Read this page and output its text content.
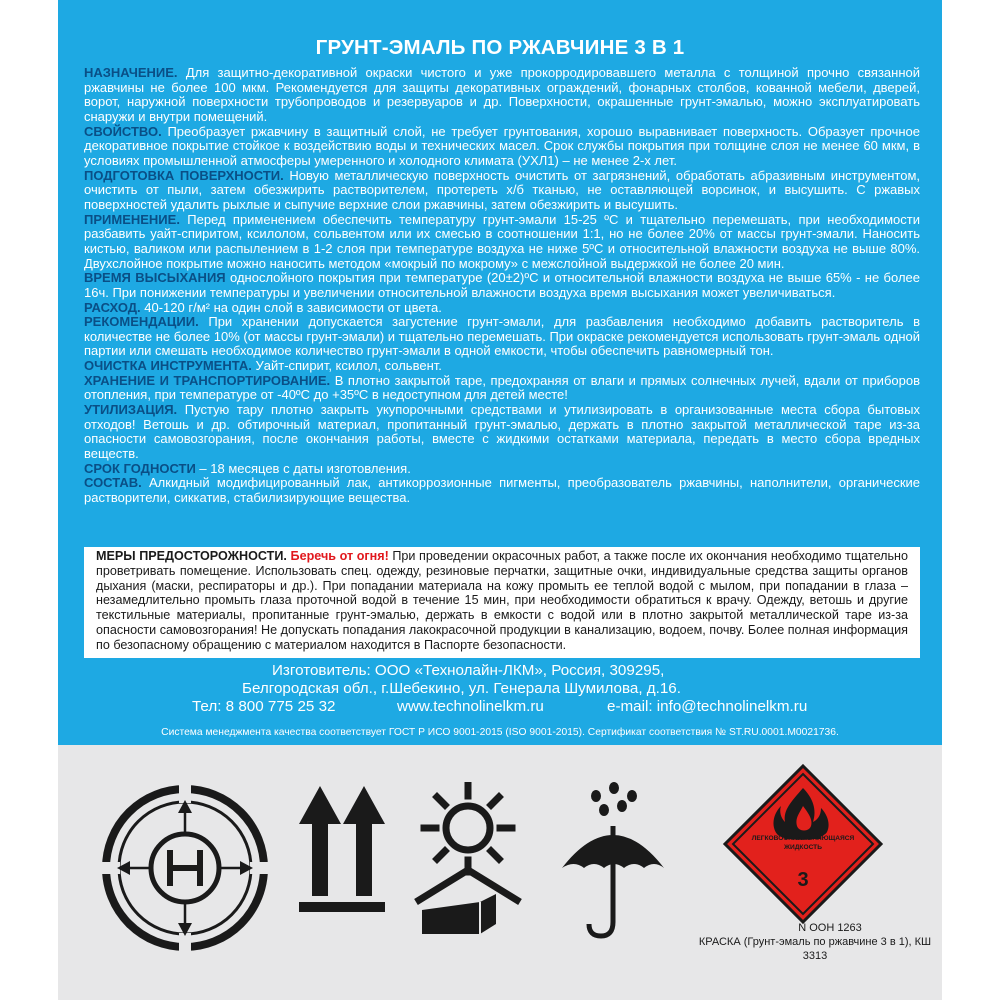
ГРУНТ-ЭМАЛЬ ПО РЖАВЧИНЕ 3 В 1
НАЗНАЧЕНИЕ. Для защитно-декоративной окраски чистого и уже прокорродировавшего металла с толщиной прочно связанной ржавчины не более 100 мкм. Рекомендуется для защиты декоративных ограждений, фонарных столбов, кованной мебели, дверей, ворот, наружной поверхности трубопроводов и резервуаров и др. Поверхности, окрашенные грунт-эмалью, можно эксплуатировать снаружи и внутри помещений.
СВОЙСТВО. Преобразует ржавчину в защитный слой, не требует грунтования, хорошо выравнивает поверхность. Образует прочное декоративное покрытие стойкое к воздействию воды и технических масел. Срок службы покрытия при толщине слоя не менее 60 мкм, в условиях промышленной атмосферы умеренного и холодного климата (УХЛ1) – не менее 2-х лет.
ПОДГОТОВКА ПОВЕРХНОСТИ. Новую металлическую поверхность очистить от загрязнений, обработать абразивным инструментом, очистить от пыли, затем обезжирить растворителем, протереть х/б тканью, не оставляющей ворсинок, и высушить. С ржавых поверхностей удалить рыхлые и сыпучие верхние слои ржавчины, затем обезжирить и высушить.
ПРИМЕНЕНИЕ. Перед применением обеспечить температуру грунт-эмали 15-25 ºС и тщательно перемешать, при необходимости разбавить уайт-спиритом, ксилолом, сольвентом или их смесью в соотношении 1:1, но не более 20% от массы грунт-эмали. Наносить кистью, валиком или распылением в 1-2 слоя при температуре воздуха не ниже 5ºС и относительной влажности воздуха не выше 80%. Двухслойное покрытие можно наносить методом «мокрый по мокрому» с межслойной выдержкой не более 20 мин.
ВРЕМЯ ВЫСЫХАНИЯ однослойного покрытия при температуре (20±2)ºС и относительной влажности воздуха не выше 65% - не более 16ч. При понижении температуры и увеличении относительной влажности воздуха время высыхания может увеличиваться.
РАСХОД. 40-120 г/м² на один слой в зависимости от цвета.
РЕКОМЕНДАЦИИ. При хранении допускается загустение грунт-эмали, для разбавления необходимо добавить растворитель в количестве не более 10% (от массы грунт-эмали) и тщательно перемешать. При окраске рекомендуется использовать грунт-эмаль одной партии или смешать необходимое количество грунт-эмали в одной емкости, чтобы обеспечить равномерный тон.
ОЧИСТКА ИНСТРУМЕНТА. Уайт-спирит, ксилол, сольвент.
ХРАНЕНИЕ И ТРАНСПОРТИРОВАНИЕ. В плотно закрытой таре, предохраняя от влаги и прямых солнечных лучей, вдали от приборов отопления, при температуре от -40ºС до +35ºС в недоступном для детей месте!
УТИЛИЗАЦИЯ. Пустую тару плотно закрыть укупорочными средствами и утилизировать в организованные места сбора бытовых отходов! Ветошь и др. обтирочный материал, пропитанный грунт-эмалью, держать в плотно закрытой металлической таре из-за опасности самовозгорания, после окончания работы, вместе с жидкими остатками материала, передать в место сбора вредных веществ.
СРОК ГОДНОСТИ – 18 месяцев с даты изготовления.
СОСТАВ. Алкидный модифицированный лак, антикоррозионные пигменты, преобразователь ржавчины, наполнители, органические растворители, сиккатив, стабилизирующие вещества.
МЕРЫ ПРЕДОСТОРОЖНОСТИ. Беречь от огня! При проведении окрасочных работ, а также после их окончания необходимо тщательно проветривать помещение. Использовать спец. одежду, резиновые перчатки, защитные очки, индивидуальные средства защиты органов дыхания (маски, респираторы и др.). При попадании материала на кожу промыть ее теплой водой с мылом, при попадании в глаза – незамедлительно промыть глаза проточной водой в течение 15 мин, при необходимости обратиться к врачу. Одежду, ветошь и другие текстильные материалы, пропитанные грунт-эмалью, держать в емкости с водой или в плотно закрытой металлической таре из-за опасности самовозгорания! Не допускать попадания лакокрасочной продукции в канализацию, водоем, почву. Более полная информация по безопасному обращению с материалом находится в Паспорте безопасности.
Изготовитель: ООО «Технолайн-ЛКМ», Россия, 309295,
Белгородская обл., г.Шебекино, ул. Генерала Шумилова, д.16.
Тел: 8 800 775 25 32	www.technolinelkm.ru	e-mail: info@technolinelkm.ru
Система менеджмента качества соответствует ГОСТ Р ИСО 9001-2015 (ISO 9001-2015). Сертификат соответствия № ST.RU.0001.M0021736.
ЛЕГКОВОСПЛАМЕНЯЮЩАЯСЯ
ЖИДКОСТЬ
3
N OOH 1263
КРАСКА (Грунт-эмаль по ржавчине 3 в 1), КШ 3313
